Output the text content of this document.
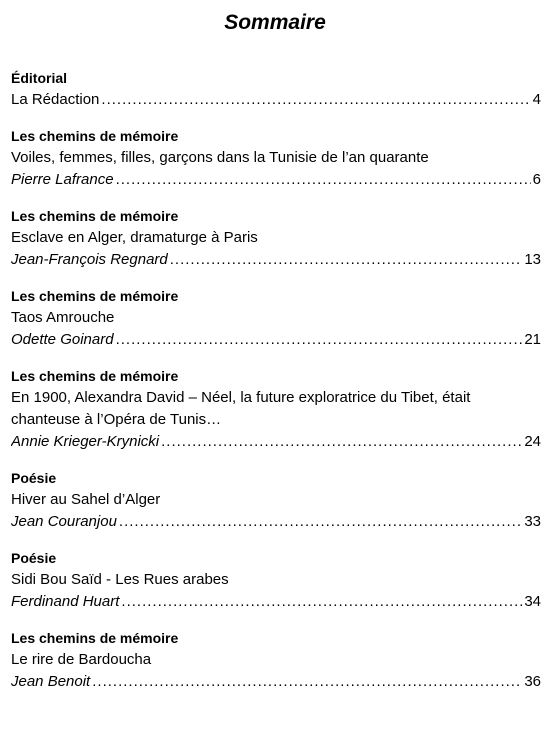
Sommaire
Éditorial
La Rédaction .....	4
Les chemins de mémoire
Voiles, femmes, filles, garçons dans la Tunisie de l’an quarante
Pierre Lafrance .....	6
Les chemins de mémoire
Esclave en Alger, dramaturge à Paris
Jean-François Regnard .....	13
Les chemins de mémoire
Taos Amrouche
Odette Goinard .....	21
Les chemins de mémoire
En 1900, Alexandra David – Néel, la future exploratrice du Tibet, était chanteuse à l’Opéra de Tunis…
Annie Krieger-Krynicki .....	24
Poésie
Hiver au Sahel d’Alger
Jean Couranjou .....	33
Poésie
Sidi Bou Saïd - Les Rues arabes
Ferdinand Huart .....	34
Les chemins de mémoire
Le rire de Bardoucha
Jean Benoit .....	36
